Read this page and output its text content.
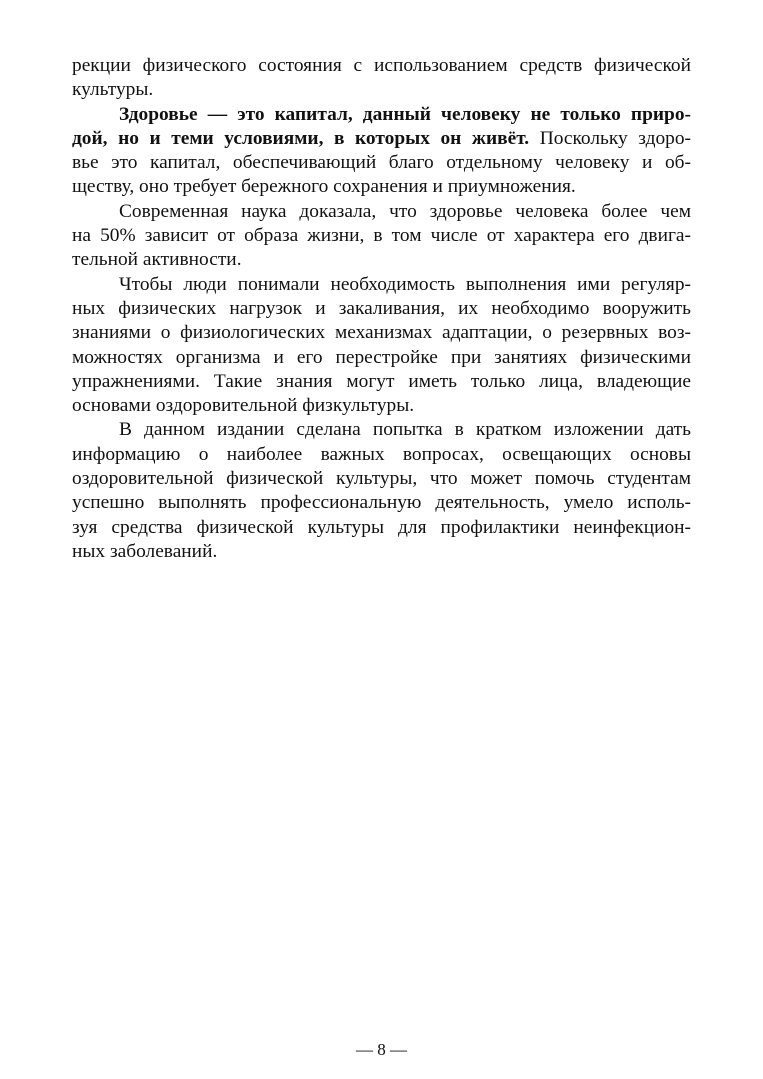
рекции физического состояния с использованием средств физической
культуры.

Здоровье — это капитал, данный человеку не только приро-
дой, но и теми условиями, в которых он живёт. Поскольку здоро-
вье это капитал, обеспечивающий благо отдельному человеку и об-
ществу, оно требует бережного сохранения и приумножения.

Современная наука доказала, что здоровье человека более чем
на 50% зависит от образа жизни, в том числе от характера его двига-
тельной активности.

Чтобы люди понимали необходимость выполнения ими регуляр-
ных физических нагрузок и закаливания, их необходимо вооружить
знаниями о физиологических механизмах адаптации, о резервных воз-
можностях организма и его перестройке при занятиях физическими
упражнениями. Такие знания могут иметь только лица, владеющие
основами оздоровительной физкультуры.

В данном издании сделана попытка в кратком изложении дать
информацию о наиболее важных вопросах, освещающих основы
оздоровительной физической культуры, что может помочь студентам
успешно выполнять профессиональную деятельность, умело исполь-
зуя средства физической культуры для профилактики неинфекцион-
ных заболеваний.

— 8 —
